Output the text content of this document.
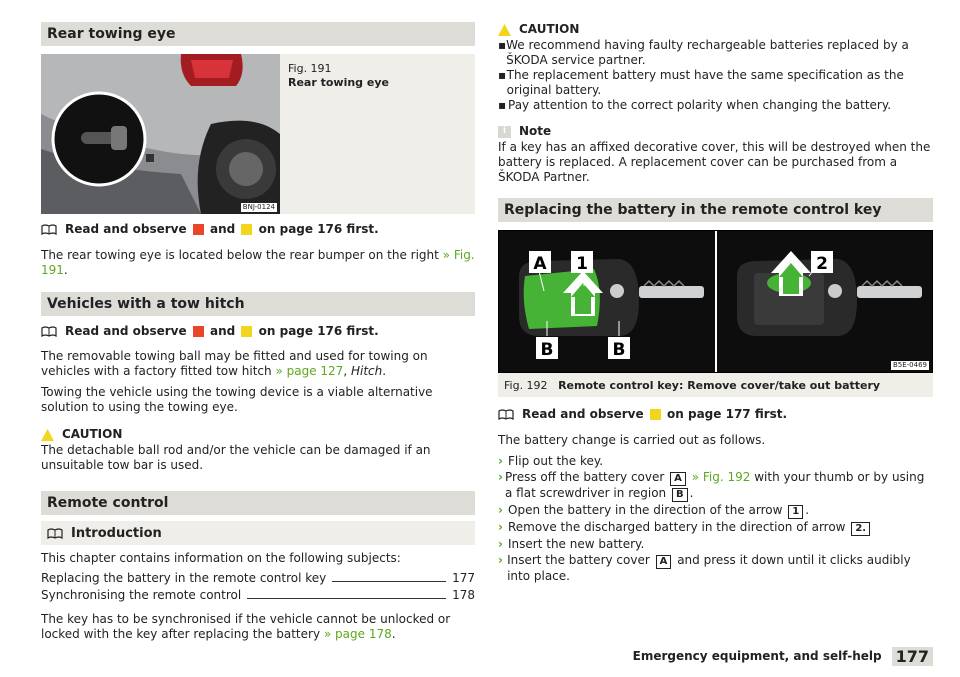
Rear towing eye
BNJ-0124
Fig. 191
Rear towing eye
Read and observe

and

on page 176 first.
The rear towing eye is located below the rear bumper on the right » Fig. 191.
Vehicles with a tow hitch
Read and observe

and

on page 176 first.
The removable towing ball may be fitted and used for towing on vehicles with a factory fitted tow hitch » page 127, Hitch.
Towing the vehicle using the towing device is a viable alternative solution to using the towing eye.
CAUTION
The detachable ball rod and/or the vehicle can be damaged if an unsuitable tow bar is used.
Remote control
Introduction
This chapter contains information on the following subjects:
Replacing the battery in the remote control key	177
Synchronising the remote control	178
The key has to be synchronised if the vehicle cannot be unlocked or locked with the key after replacing the battery » page 178.
CAUTION
▪ We recommend having faulty rechargeable batteries replaced by a ŠKODA service partner.
▪ The replacement battery must have the same specification as the original battery.
▪ Pay attention to the correct polarity when changing the battery.
i	Note
If a key has an affixed decorative cover, this will be destroyed when the battery is replaced. A replacement cover can be purchased from a ŠKODA Partner.
Replacing the battery in the remote control key
A 1	2
B	B
B5E-0469
Fig. 192 Remote control key: Remove cover/take out battery
Read and observe

on page 177 first.
The battery change is carried out as follows.
› Flip out the key.
› Press off the battery cover A » Fig. 192 with your thumb or by using a flat screwdriver in region B .
› Open the battery in the direction of the arrow 1 .
› Remove the discharged battery in the direction of arrow 2.
› Insert the new battery.
› Insert the battery cover A and press it down until it clicks audibly into place.
Emergency equipment, and self-help 177
